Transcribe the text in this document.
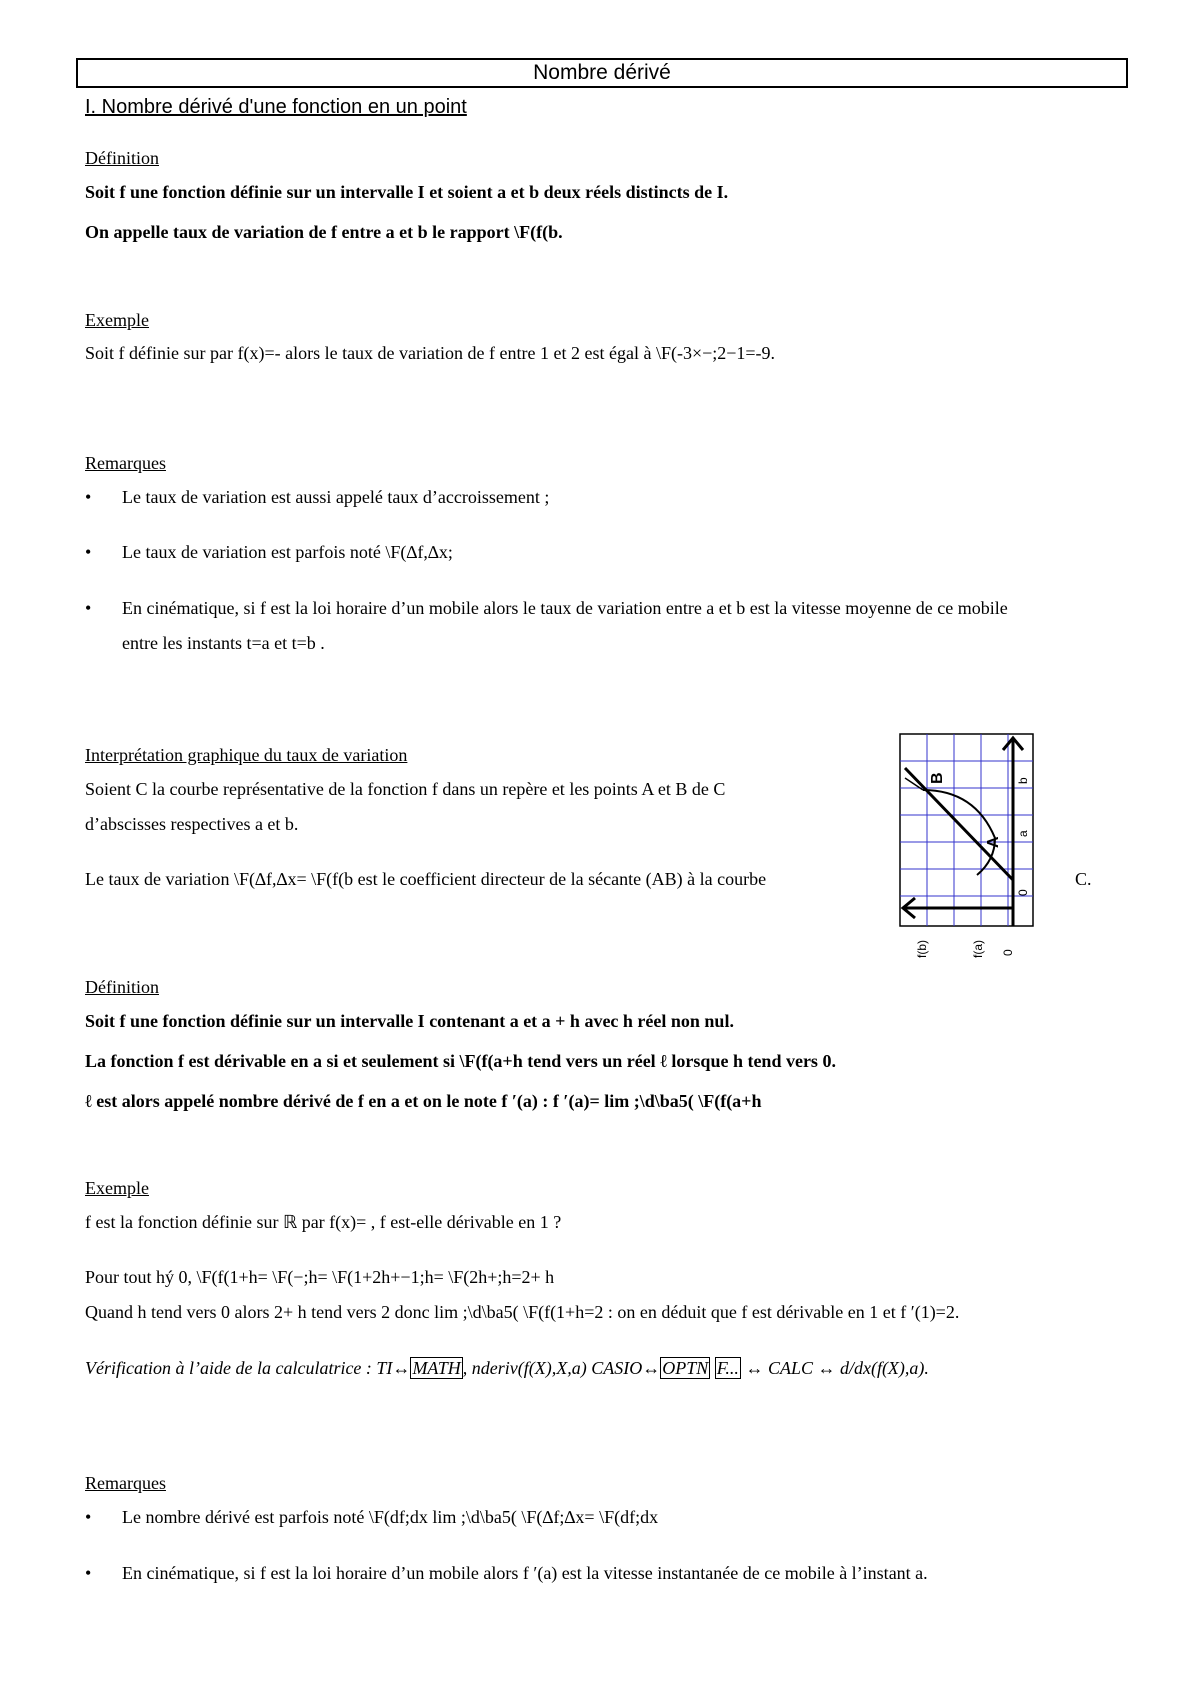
Nombre dérivé
I. Nombre dérivé d'une fonction en un point
Définition
Soit f une fonction définie sur un intervalle I et soient a et b deux réels distincts de I.
On appelle taux de variation de f entre a et b le rapport \F(f(b.
Exemple
Soit f définie sur par f(x)=- alors le taux de variation de f entre 1 et 2 est égal à \F(-3×−;2−1=-9.
Remarques
• Le taux de variation est aussi appelé taux d’accroissement ;
• Le taux de variation est parfois noté \F(∆f,∆x;
• En cinématique, si f est la loi horaire d’un mobile alors le taux de variation entre a et b est la vitesse moyenne de ce mobile
entre les instants t=a et t=b .
Interprétation graphique du taux de variation
Soient C la courbe représentative de la fonction f dans un repère et les points A et B de C
d’abscisses respectives a et b.
Le taux de variation \F(∆f,∆x= \F(f(b est le coefficient directeur de la sécante (AB) à la courbe	C.
B
A
b
a
0
f(b)	f(a) 0
Définition
Soit f une fonction définie sur un intervalle I contenant a et a + h avec h réel non nul.
La fonction f est dérivable en a si et seulement si \F(f(a+h tend vers un réel ℓ lorsque h tend vers 0.
ℓ est alors appelé nombre dérivé de f en a et on le note f ′(a) : f ′(a)= lim ;\d\ba5( \F(f(a+h
Exemple
f est la fonction définie sur ℝ par f(x)= , f est-elle dérivable en 1 ?
Pour tout hý 0, \F(f(1+h= \F(−;h= \F(1+2h+−1;h= \F(2h+;h=2+ h
Quand h tend vers 0 alors 2+ h tend vers 2 donc lim ;\d\ba5( \F(f(1+h=2 : on en déduit que f est dérivable en 1 et f ′(1)=2.
Vérification à l’aide de la calculatrice : TI↔ MATH , nderiv(f(X),X,a) CASIO↔ OPTN F... ↔ CALC ↔ d/dx(f(X),a).
Remarques
• Le nombre dérivé est parfois noté \F(df;dx lim ;\d\ba5( \F(∆f;∆x= \F(df;dx
• En cinématique, si f est la loi horaire d’un mobile alors f ′(a) est la vitesse instantanée de ce mobile à l’instant a.
